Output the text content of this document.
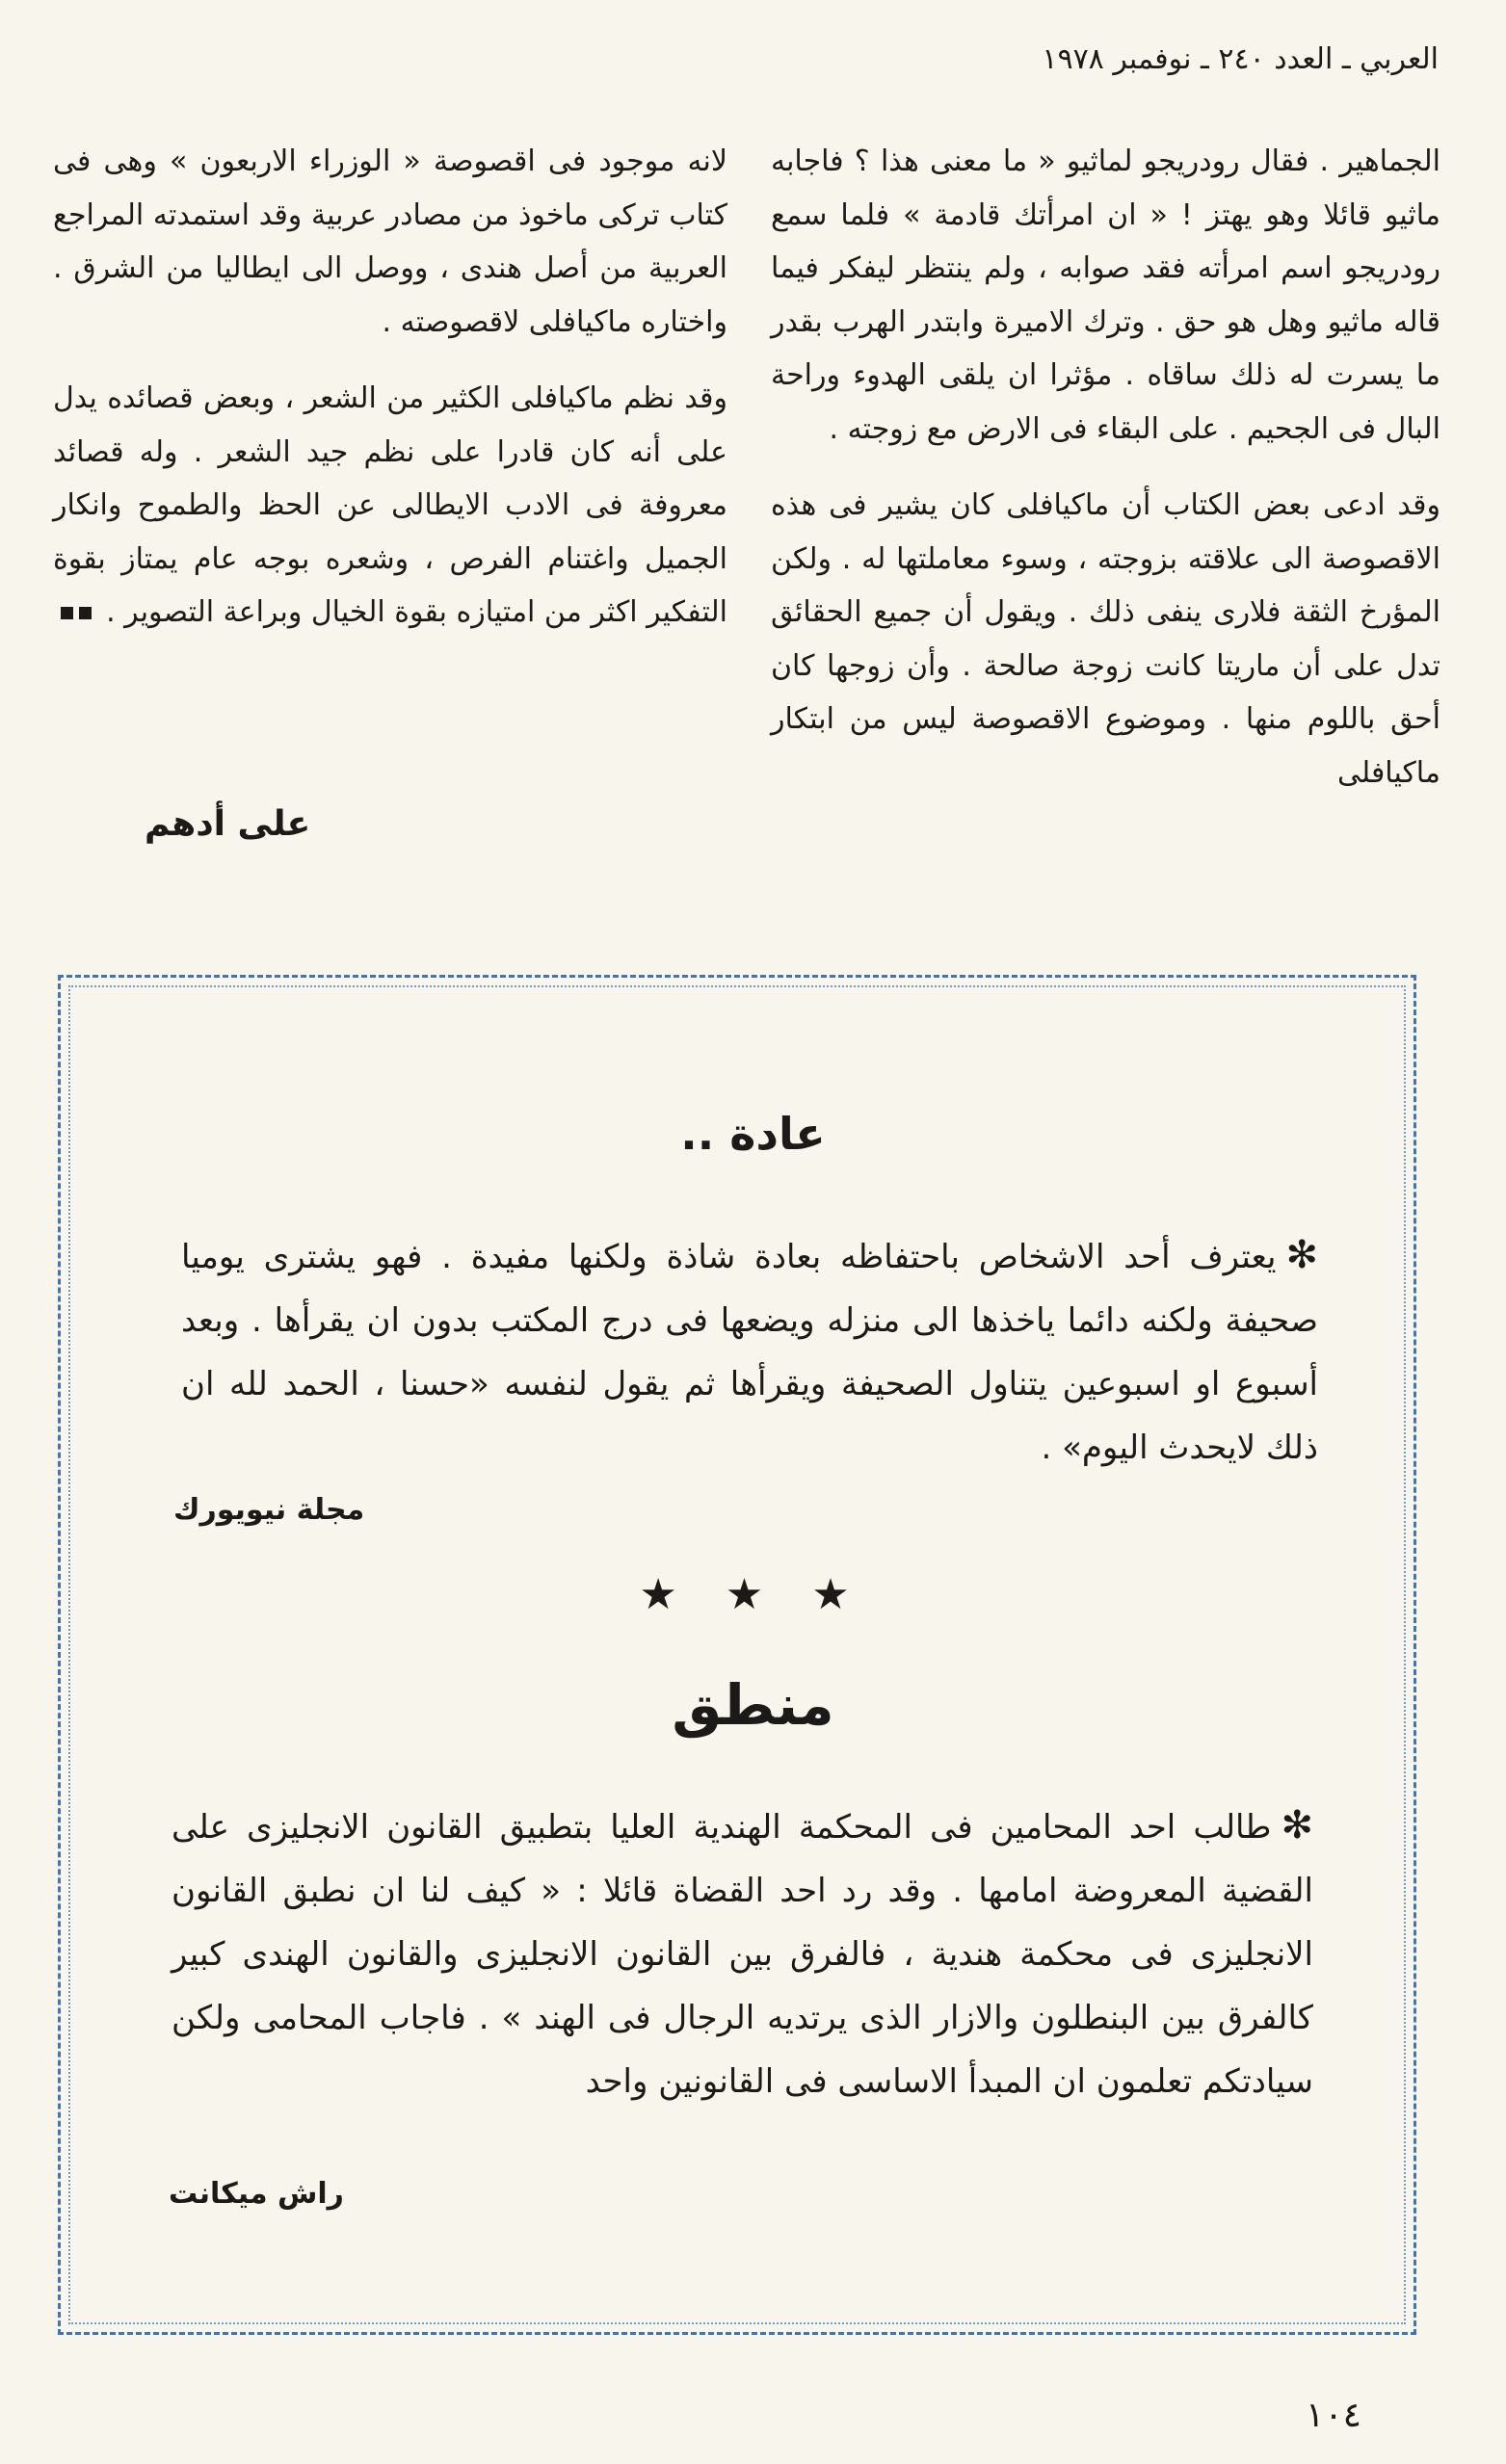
العربي ـ العدد ٢٤٠ ـ نوفمبر ١٩٧٨

الجماهير . فقال رودريجو لماثيو « ما معنى هذا ؟ فاجابه ماثيو قائلا وهو يهتز ! « ان امرأتك قادمة » فلما سمع رودريجو اسم امرأته فقد صوابه ، ولم ينتظر ليفكر فيما قاله ماثيو وهل هو حق . وترك الاميرة وابتدر الهرب بقدر ما يسرت له ذلك ساقاه . مؤثرا ان يلقى الهدوء وراحة البال فى الجحيم . على البقاء فى الارض مع زوجته .

وقد ادعى بعض الكتاب أن ماكيافلى كان يشير فى هذه الاقصوصة الى علاقته بزوجته ، وسوء معاملتها له . ولكن المؤرخ الثقة فلارى ينفى ذلك . ويقول أن جميع الحقائق تدل على أن ماريتا كانت زوجة صالحة . وأن زوجها كان أحق باللوم منها . وموضوع الاقصوصة ليس من ابتكار ماكيافلى

لانه موجود فى اقصوصة « الوزراء الاربعون » وهى فى كتاب تركى ماخوذ من مصادر عربية وقد استمدته المراجع العربية من أصل هندى ، ووصل الى ايطاليا من الشرق . واختاره ماكيافلى لاقصوصته .

وقد نظم ماكيافلى الكثير من الشعر ، وبعض قصائده يدل على أنه كان قادرا على نظم جيد الشعر . وله قصائد معروفة فى الادب الايطالى عن الحظ والطموح وانكار الجميل واغتنام الفرص ، وشعره بوجه عام يمتاز بقوة التفكير اكثر من امتيازه بقوة الخيال وبراعة التصوير .

على أدهم
عادة ..
✻يعترف أحد الاشخاص باحتفاظه بعادة شاذة ولكنها مفيدة . فهو يشترى يوميا صحيفة ولكنه دائما ياخذها الى منزله ويضعها فى درج المكتب بدون ان يقرأها . وبعد أسبوع او اسبوعين يتناول الصحيفة ويقرأها ثم يقول لنفسه «حسنا ، الحمد لله ان ذلك لايحدث اليوم» .
مجلة نيويورك
★ ★ ★
منطق
✻طالب احد المحامين فى المحكمة الهندية العليا بتطبيق القانون الانجليزى على القضية المعروضة امامها . وقد رد احد القضاة قائلا : « كيف لنا ان نطبق القانون الانجليزى فى محكمة هندية ، فالفرق بين القانون الانجليزى والقانون الهندى كبير كالفرق بين البنطلون والازار الذى يرتديه الرجال فى الهند » . فاجاب المحامى ولكن سيادتكم تعلمون ان المبدأ الاساسى فى القانونين واحد
راش ميكانت
١٠٤
